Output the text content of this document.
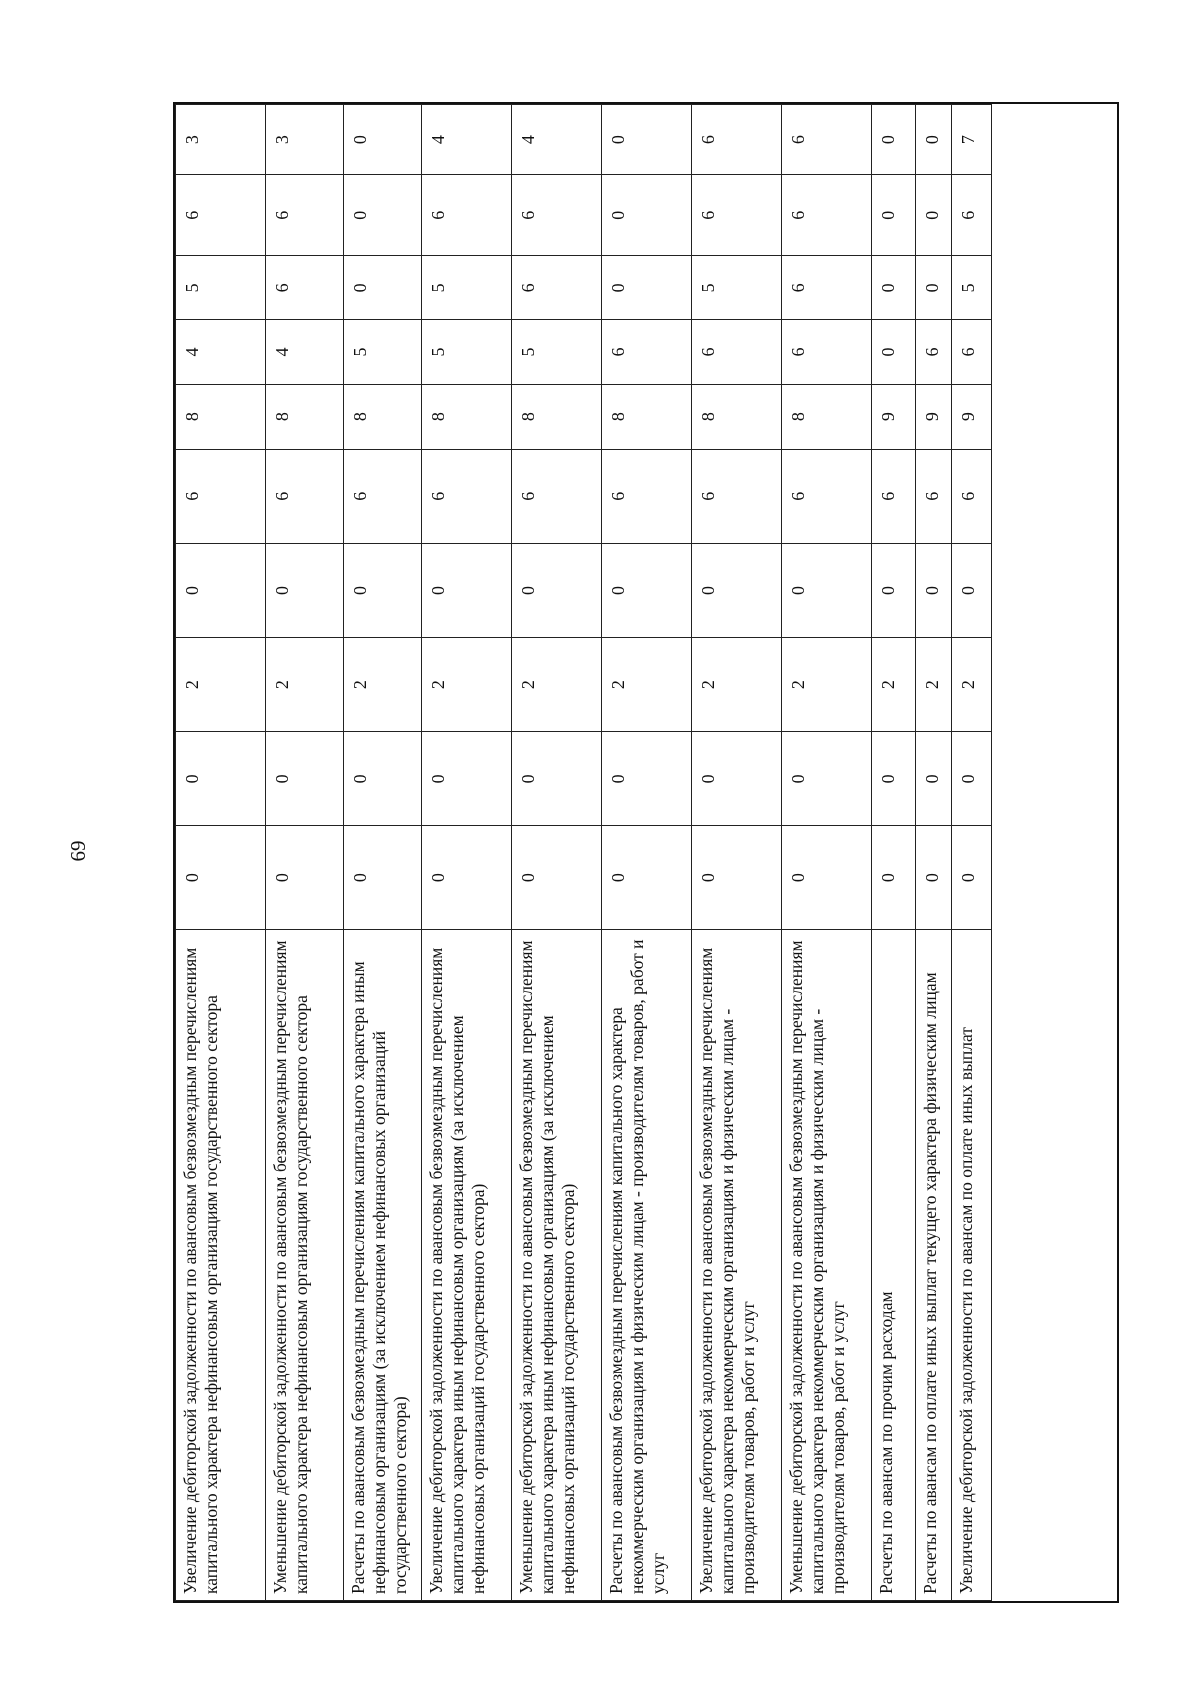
69
Увеличение дебиторской задолженности по авансовым безвозмездным перечислениям капитального характера нефинансовым организациям государственного сектора	0	0	2	0	6	8	4	5	6	3
Уменьшение дебиторской задолженности по авансовым безвозмездным перечислениям капитального характера нефинансовым организациям государственного сектора	0	0	2	0	6	8	4	6	6	3
Расчеты по авансовым безвозмездным перечислениям капитального характера иным нефинансовым организациям (за исключением нефинансовых организаций государственного сектора)	0	0	2	0	6	8	5	0	0	0
Увеличение дебиторской задолженности по авансовым безвозмездным перечислениям капитального характера иным нефинансовым организациям (за исключением нефинансовых организаций государственного сектора)	0	0	2	0	6	8	5	5	6	4
Уменьшение дебиторской задолженности по авансовым безвозмездным перечислениям капитального характера иным нефинансовым организациям (за исключением нефинансовых организаций государственного сектора)	0	0	2	0	6	8	5	6	6	4
Расчеты по авансовым безвозмездным перечислениям капитального характера некоммерческим организациям и физическим лицам - производителям товаров, работ и услуг	0	0	2	0	6	8	6	0	0	0
Увеличение дебиторской задолженности по авансовым безвозмездным перечислениям капитального характера некоммерческим организациям и физическим лицам - производителям товаров, работ и услуг	0	0	2	0	6	8	6	5	6	6
Уменьшение дебиторской задолженности по авансовым безвозмездным перечислениям капитального характера некоммерческим организациям и физическим лицам - производителям товаров, работ и услуг	0	0	2	0	6	8	6	6	6	6
Расчеты по авансам по прочим расходам	0	0	2	0	6	9	0	0	0	0
Расчеты по авансам по оплате иных выплат текущего характера физическим лицам	0	0	2	0	6	9	6	0	0	0
Увеличение дебиторской задолженности по авансам по оплате иных выплат	0	0	2	0	6	9	6	5	6	7
